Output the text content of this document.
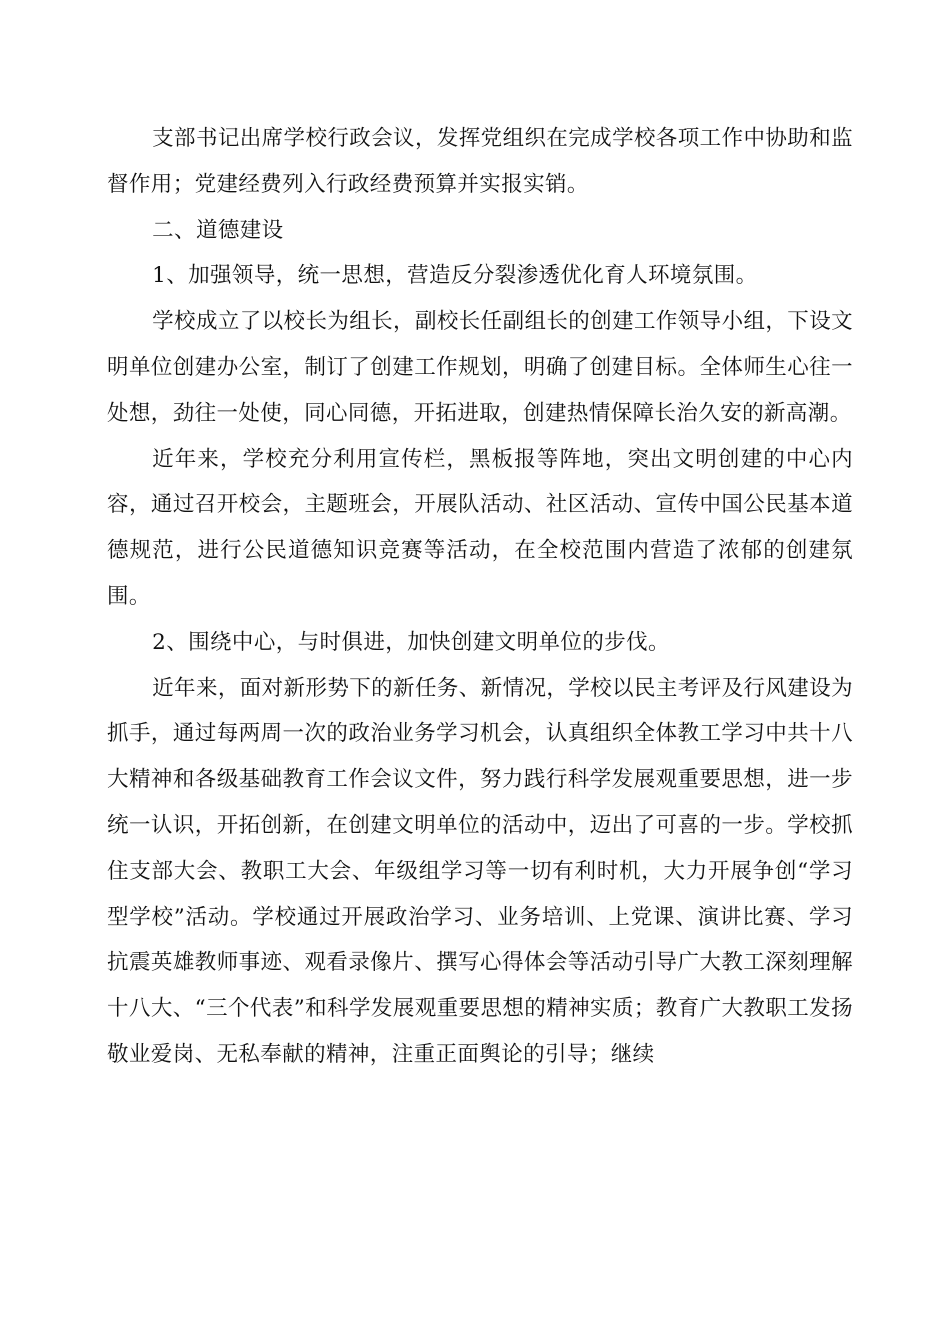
支部书记出席学校行政会议，发挥党组织在完成学校各项工作中协助和监督作用；党建经费列入行政经费预算并实报实销。

二、道德建设

1、加强领导，统一思想，营造反分裂渗透优化育人环境氛围。

学校成立了以校长为组长，副校长任副组长的创建工作领导小组，下设文明单位创建办公室，制订了创建工作规划，明确了创建目标。全体师生心往一处想，劲往一处使，同心同德，开拓进取，创建热情保障长治久安的新高潮。

近年来，学校充分利用宣传栏，黑板报等阵地，突出文明创建的中心内容，通过召开校会，主题班会，开展队活动、社区活动、宣传中国公民基本道德规范，进行公民道德知识竞赛等活动，在全校范围内营造了浓郁的创建氛围。

2、围绕中心，与时俱进，加快创建文明单位的步伐。

近年来，面对新形势下的新任务、新情况，学校以民主考评及行风建设为抓手，通过每两周一次的政治业务学习机会，认真组织全体教工学习中共十八大精神和各级基础教育工作会议文件，努力践行科学发展观重要思想，进一步统一认识，开拓创新，在创建文明单位的活动中，迈出了可喜的一步。学校抓住支部大会、教职工大会、年级组学习等一切有利时机，大力开展争创“学习型学校”活动。学校通过开展政治学习、业务培训、上党课、演讲比赛、学习抗震英雄教师事迹、观看录像片、撰写心得体会等活动引导广大教工深刻理解十八大、“三个代表”和科学发展观重要思想的精神实质；教育广大教职工发扬敬业爱岗、无私奉献的精神，注重正面舆论的引导；继续
